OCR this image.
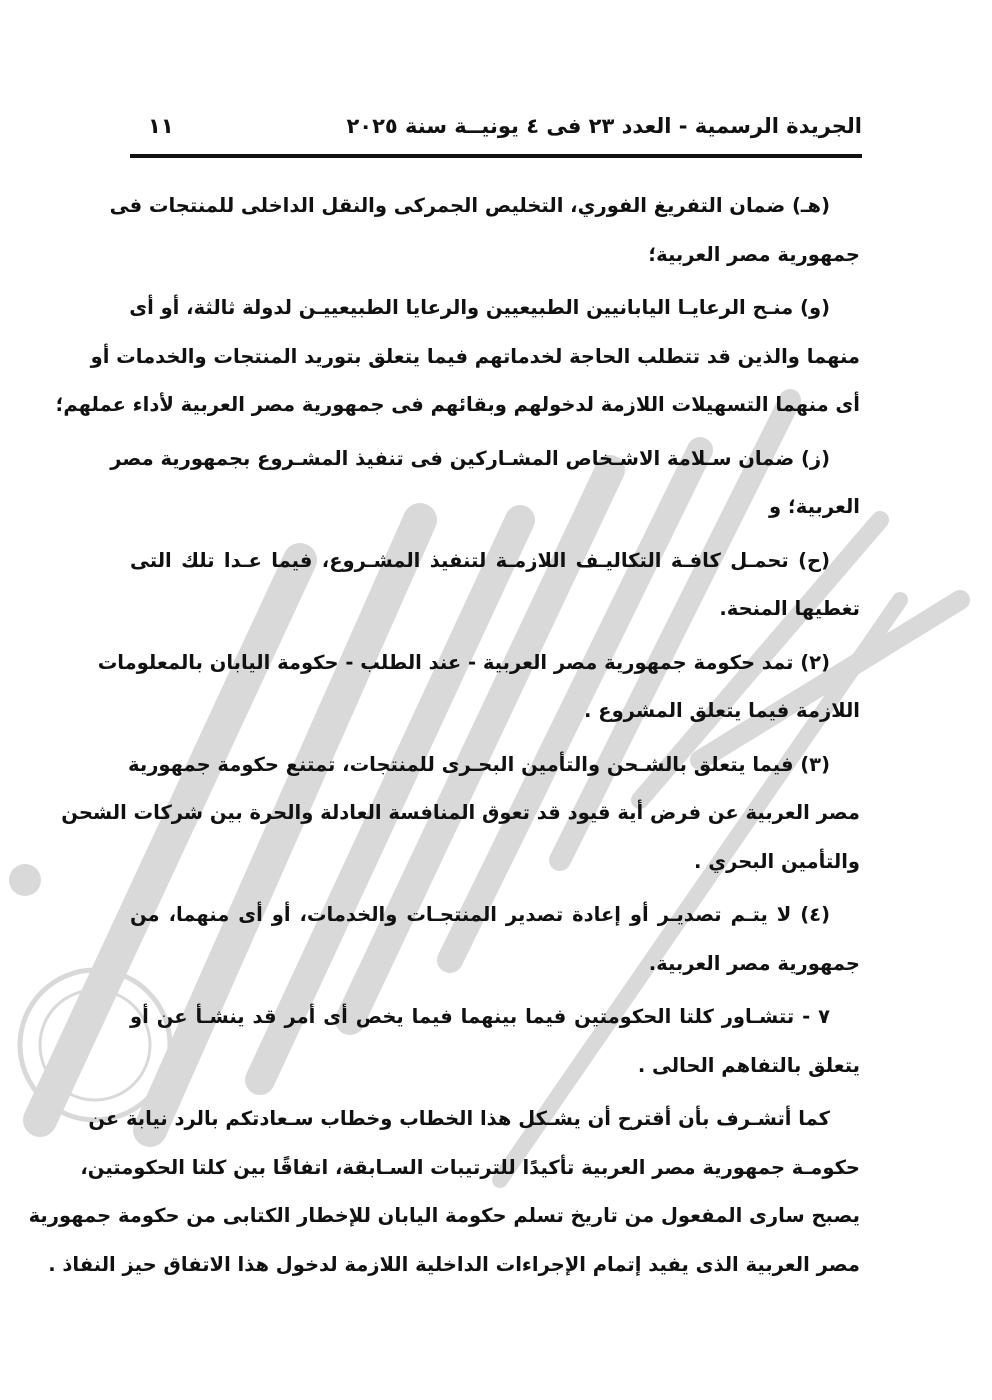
الجريدة الرسمية - العدد ٢٣ فى ٤ يونيــة سنة ٢٠٢٥
١١
(هـ) ضمان التفريغ الفوري، التخليص الجمركى والنقل الداخلى للمنتجات فى
جمهورية مصر العربية؛
(و) منـح الرعايـا اليابانيين الطبيعيين والرعايا الطبيعييـن لدولة ثالثة، أو أى
منهما والذين قد تتطلب الحاجة لخدماتهم فيما يتعلق بتوريد المنتجات والخدمات أو
أى منهما التسهيلات اللازمة لدخولهم وبقائهم فى جمهورية مصر العربية لأداء عملهم؛
(ز) ضمان سـلامة الاشـخاص المشـاركين فى تنفيذ المشـروع بجمهورية مصر
العربية؛ و
(ح) تحمـل كافـة التكاليـف اللازمـة لتنفيذ المشـروع، فيما عـدا تلك التى
تغطيها المنحة.
(٢) تمد حكومة جمهورية مصر العربية - عند الطلب - حكومة اليابان بالمعلومات
اللازمة فيما يتعلق المشروع .
(٣) فيما يتعلق بالشـحن والتأمين البحـرى للمنتجات، تمتنع حكومة جمهورية
مصر العربية عن فرض أية قيود قد تعوق المنافسة العادلة والحرة بين شركات الشحن
والتأمين البحري .
(٤) لا يتـم تصديـر أو إعادة تصدير المنتجـات والخدمات، أو أى منهما، من
جمهورية مصر العربية.
٧ - تتشـاور كلتا الحكومتين فيما بينهما فيما يخص أى أمر قد ينشـأ عن أو
يتعلق بالتفاهم الحالى .
كما أتشـرف بأن أقترح أن يشـكل هذا الخطاب وخطاب سـعادتكم بالرد نيابة عن
حكومـة جمهورية مصر العربية تأكيدًا للترتيبات السـابقة، اتفاقًا بين كلتا الحكومتين،
يصبح سارى المفعول من تاريخ تسلم حكومة اليابان للإخطار الكتابى من حكومة جمهورية
مصر العربية الذى يفيد إتمام الإجراءات الداخلية اللازمة لدخول هذا الاتفاق حيز النفاذ .
